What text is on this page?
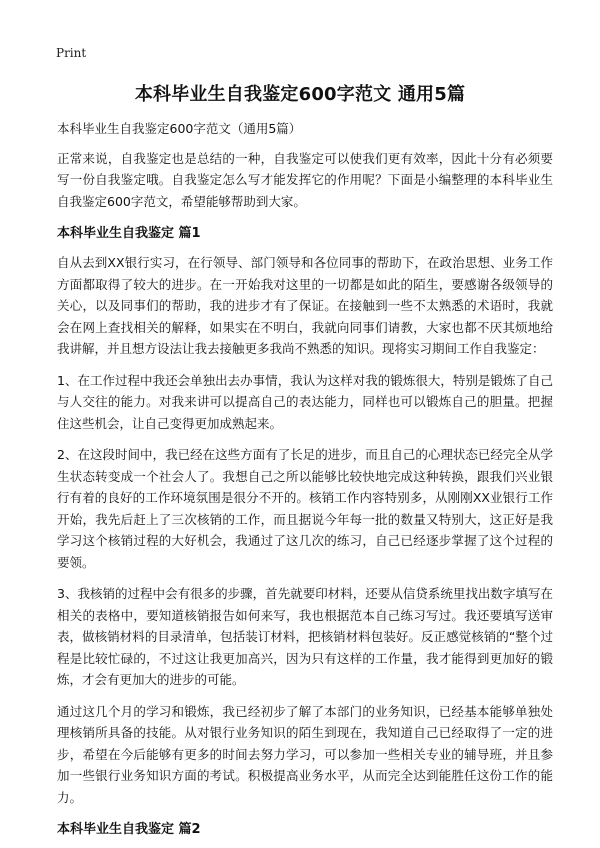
Print
本科毕业生自我鉴定600字范文 通用5篇

本科毕业生自我鉴定600字范文（通用5篇）

正常来说，自我鉴定也是总结的一种，自我鉴定可以使我们更有效率，因此十分有必须要写一份自我鉴定哦。自我鉴定怎么写才能发挥它的作用呢？下面是小编整理的本科毕业生自我鉴定600字范文，希望能够帮助到大家。

本科毕业生自我鉴定 篇1

自从去到XX银行实习，在行领导、部门领导和各位同事的帮助下，在政治思想、业务工作方面都取得了较大的进步。在一开始我对这里的一切都是如此的陌生，要感谢各级领导的关心，以及同事们的帮助，我的进步才有了保证。在接触到一些不太熟悉的术语时，我就会在网上查找相关的解释，如果实在不明白，我就向同事们请教，大家也都不厌其烦地给我讲解，并且想方设法让我去接触更多我尚不熟悉的知识。现将实习期间工作自我鉴定：

1、在工作过程中我还会单独出去办事情，我认为这样对我的锻炼很大，特别是锻炼了自己与人交往的能力。对我来讲可以提高自己的表达能力，同样也可以锻炼自己的胆量。把握住这些机会，让自己变得更加成熟起来。

2、在这段时间中，我已经在这些方面有了长足的进步，而且自己的心理状态已经完全从学生状态转变成一个社会人了。我想自己之所以能够比较快地完成这种转换，跟我们兴业银行有着的良好的工作环境氛围是很分不开的。核销工作内容特别多，从刚刚XX业银行工作开始，我先后赶上了三次核销的工作，而且据说今年每一批的数量又特别大，这正好是我学习这个核销过程的大好机会，我通过了这几次的练习，自己已经逐步掌握了这个过程的要领。

3、我核销的过程中会有很多的步骤，首先就要印材料，还要从信贷系统里找出数字填写在相关的表格中，要知道核销报告如何来写，我也根据范本自己练习写过。我还要填写送审表，做核销材料的目录清单，包括装订材料，把核销材料包装好。反正感觉核销的“整个过程是比较忙碌的，不过这让我更加高兴，因为只有这样的工作量，我才能得到更加好的锻炼，才会有更加大的进步的可能。

通过这几个月的学习和锻炼，我已经初步了解了本部门的业务知识，已经基本能够单独处理核销所具备的技能。从对银行业务知识的陌生到现在，我知道自己已经取得了一定的进步，希望在今后能够有更多的时间去努力学习，可以参加一些相关专业的辅导班，并且参加一些银行业务知识方面的考试。积极提高业务水平，从而完全达到能胜任这份工作的能力。

本科毕业生自我鉴定 篇2
